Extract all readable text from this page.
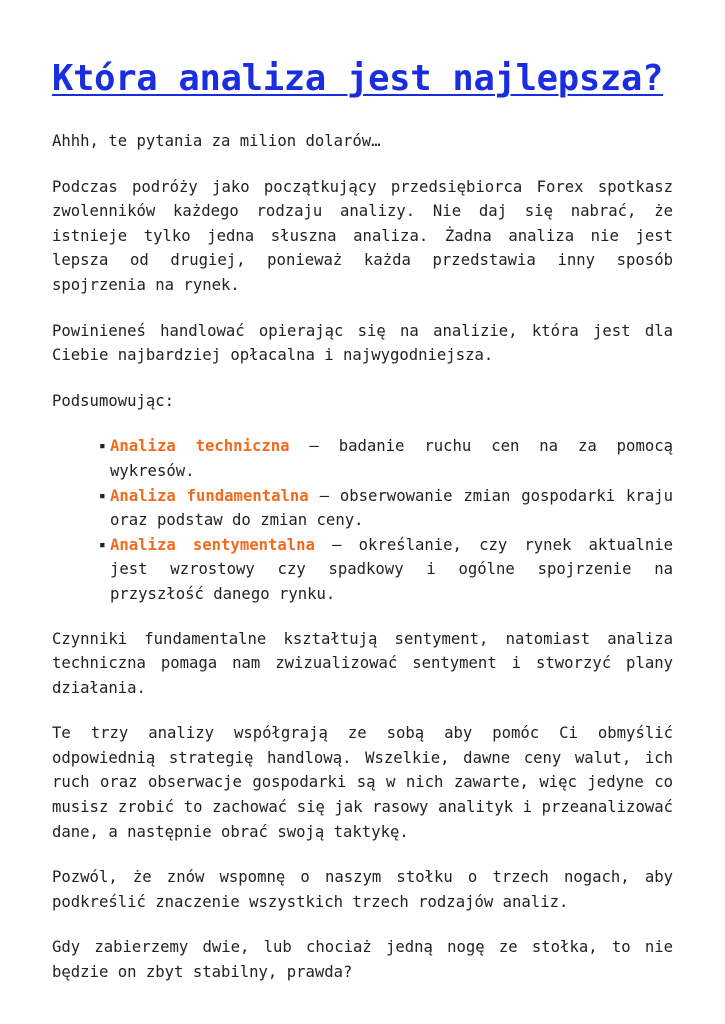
Która analiza jest najlepsza?

Ahhh, te pytania za milion dolarów…

Podczas podróży jako początkujący przedsiębiorca Forex spotkasz zwolenników każdego rodzaju analizy. Nie daj się nabrać, że istnieje tylko jedna słuszna analiza. Żadna analiza nie jest lepsza od drugiej, ponieważ każda przedstawia inny sposób spojrzenia na rynek.

Powinieneś handlować opierając się na analizie, która jest dla Ciebie najbardziej opłacalna i najwygodniejsza.

Podsumowując:

▪ Analiza techniczna – badanie ruchu cen na za pomocą wykresów.
▪ Analiza fundamentalna – obserwowanie zmian gospodarki kraju oraz podstaw do zmian ceny.
▪ Analiza sentymentalna – określanie, czy rynek aktualnie jest wzrostowy czy spadkowy i ogólne spojrzenie na przyszłość danego rynku.

Czynniki fundamentalne kształtują sentyment, natomiast analiza techniczna pomaga nam zwizualizować sentyment i stworzyć plany działania.

Te trzy analizy współgrają ze sobą aby pomóc Ci obmyślić odpowiednią strategię handlową. Wszelkie, dawne ceny walut, ich ruch oraz obserwacje gospodarki są w nich zawarte, więc jedyne co musisz zrobić to zachować się jak rasowy analityk i przeanalizować dane, a następnie obrać swoją taktykę.

Pozwól, że znów wspomnę o naszym stołku o trzech nogach, aby podkreślić znaczenie wszystkich trzech rodzajów analiz.

Gdy zabierzemy dwie, lub chociaż jedną nogę ze stołka, to nie będzie on zbyt stabilny, prawda?
